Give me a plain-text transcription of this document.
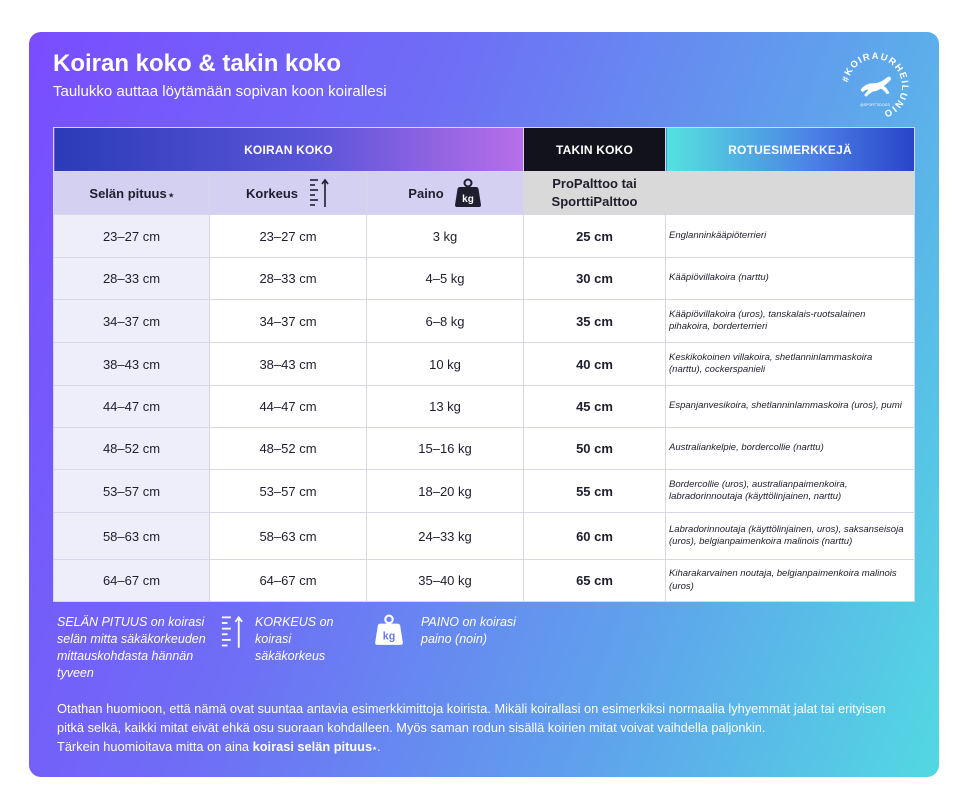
Koiran koko & takin koko

Taulukko auttaa löytämään sopivan koon koirallesi

#KOIRAURHEILUNIO
@SPORTTIDOGS
KOIRAN KOKO			TAKIN KOKO	ROTUESIMERKKEJÄ
Selän pituus ⭑	Korkeus	Paino kg	ProPalttoo tai SporttiPalttoo	
23–27 cm	23–27 cm	3 kg	25 cm	Englanninkääpiöterrieri
28–33 cm	28–33 cm	4–5 kg	30 cm	Kääpiövillakoira (narttu)
34–37 cm	34–37 cm	6–8 kg	35 cm	Kääpiövillakoira (uros), tanskalais-ruotsalainen pihakoira, borderterrieri
38–43 cm	38–43 cm	10 kg	40 cm	Keskikokoinen villakoira, shetlanninlammaskoira (narttu), cockerspanieli
44–47 cm	44–47 cm	13 kg	45 cm	Espanjanvesikoira, shetlanninlammaskoira (uros), pumi
48–52 cm	48–52 cm	15–16 kg	50 cm	Australiankelpie, bordercollie (narttu)
53–57 cm	53–57 cm	18–20 kg	55 cm	Bordercollie (uros), australianpaimenkoira, labradorinnoutaja (käyttölinjainen, narttu)
58–63 cm	58–63 cm	24–33 kg	60 cm	Labradorinnoutaja (käyttölinjainen, uros), saksanseisoja (uros), belgianpaimenkoira malinois (narttu)
64–67 cm	64–67 cm	35–40 kg	65 cm	Kiharakarvainen noutaja, belgianpaimenkoira malinois (uros)

SELÄN PITUUS on koirasi selän mitta säkäkorkeuden mittauskohdasta hännän tyveen

KORKEUS on koirasi säkäkorkeus

kg

PAINO on koirasi paino (noin)

Otathan huomioon, että nämä ovat suuntaa antavia esimerkkimittoja koirista. Mikäli koirallasi on esimerkiksi normaalia lyhyemmät jalat tai erityisen
pitkä selkä, kaikki mitat eivät ehkä osu suoraan kohdalleen. Myös saman rodun sisällä koirien mitat voivat vaihdella paljonkin.
Tärkein huomioitava mitta on aina koirasi selän pituus⭑.
